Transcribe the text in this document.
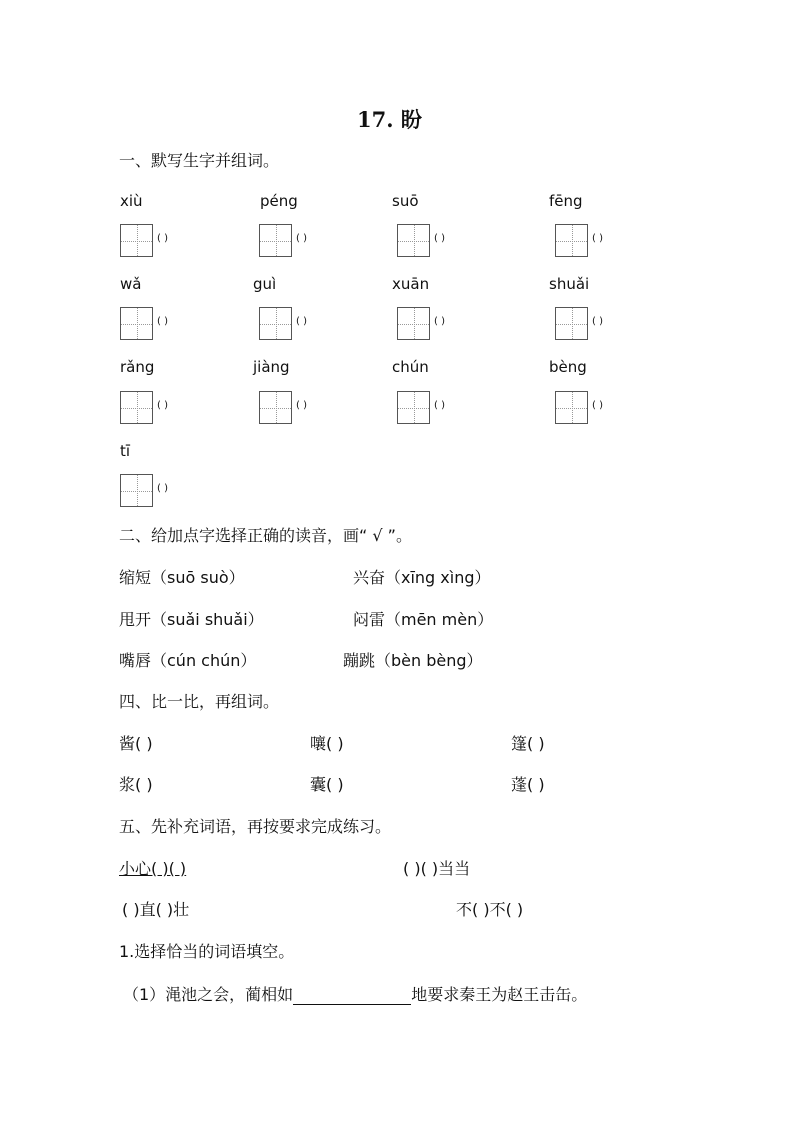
17. 盼
一、默写生字并组词。
xiù	péng	suō	fēng
( )	( )	( )	( )
wǎ	guì	xuān	shuǎi
( )	( )	( )	( )
rǎng	jiàng	chún	bèng
( )	( )	( )	( )
tī
( )
二、给加点字选择正确的读音，画“ √ ”。
缩短（suō suò）	兴奋（xīng xìng）
甩开（suǎi shuǎi）	闷雷（mēn mèn）
嘴唇（cún chún）	蹦跳（bèn bèng）
四、比一比，再组词。
酱( )	嚷( )	篷( )
浆( )	囊( )	蓬( )
五、先补充词语，再按要求完成练习。
小心( )( )	( )( )当当
( )直( )壮	不( )不( )
1.选择恰当的词语填空。
（1）渑池之会，蔺相如	地要求秦王为赵王击缶。
